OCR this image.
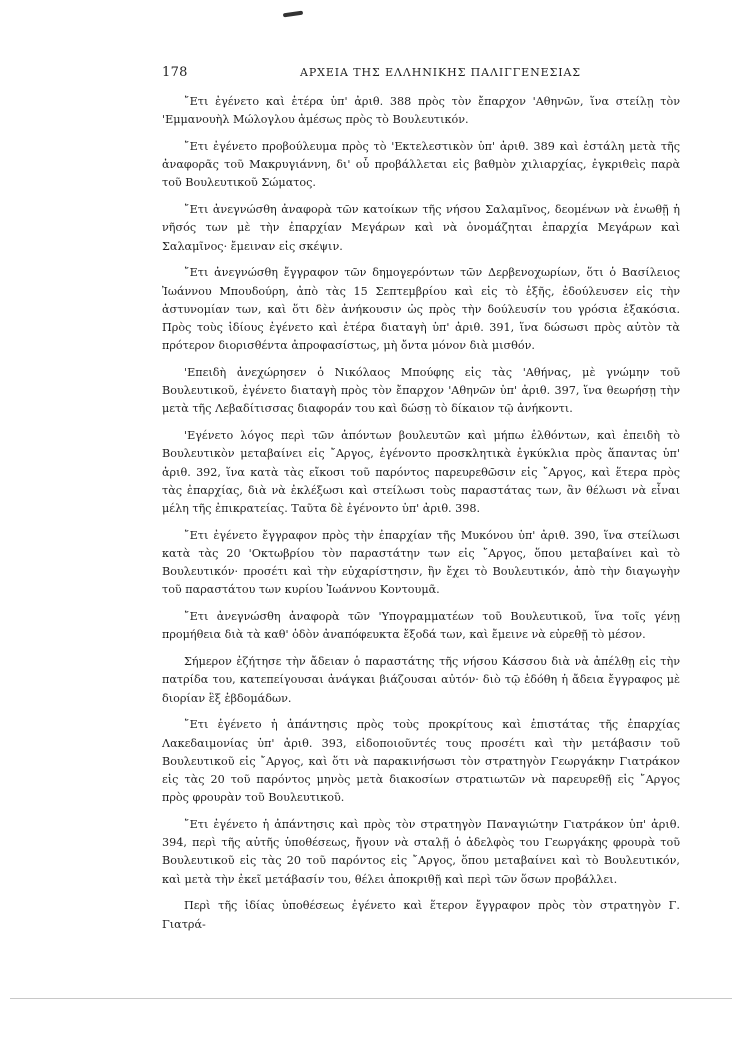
178	ΑΡΧΕΙΑ ΤΗΣ ΕΛΛΗΝΙΚΗΣ ΠΑΛΙΓΓΕΝΕΣΙΑΣ

῎Ετι ἐγένετο καὶ ἑτέρα ὑπ' ἀριθ. 388 πρὸς τὸν ἔπαρχον 'Αθηνῶν, ἵνα στείλῃ τὸν 'Εμμανουὴλ Μώλογλου ἀμέσως πρὸς τὸ Βουλευτικόν.

῎Ετι ἐγένετο προβούλευμα πρὸς τὸ 'Εκτελεστικὸν ὑπ' ἀριθ. 389 καὶ ἐστάλη μετὰ τῆς ἀναφορᾶς τοῦ Μακρυγιάννη, δι' οὗ προβάλλεται εἰς βαθμὸν χιλιαρχίας, ἐγκριθεὶς παρὰ τοῦ Βουλευτικοῦ Σώματος.

῎Ετι ἀνεγνώσθη ἀναφορὰ τῶν κατοίκων τῆς νήσου Σαλαμῖνος, δεομένων νὰ ἑνωθῇ ἡ νῆσός των μὲ τὴν ἐπαρχίαν Μεγάρων καὶ νὰ ὀνομάζηται ἐπαρχία Μεγάρων καὶ Σαλαμῖνος· ἔμειναν εἰς σκέψιν.

῎Ετι ἀνεγνώσθη ἔγγραφον τῶν δημογερόντων τῶν Δερβενοχωρίων, ὅτι ὁ Βασίλειος Ἰωάννου Μπουδούρη, ἀπὸ τὰς 15 Σεπτεμβρίου καὶ εἰς τὸ ἑξῆς, ἐδούλευσεν εἰς τὴν ἀστυνομίαν των, καὶ ὅτι δὲν ἀνήκουσιν ὡς πρὸς τὴν δούλευσίν του γρόσια ἑξακόσια. Πρὸς τοὺς ἰδίους ἐγένετο καὶ ἑτέρα διαταγὴ ὑπ' ἀριθ. 391, ἵνα δώσωσι πρὸς αὐτὸν τὰ πρότερον διορισθέντα ἀπροφασίστως, μὴ ὄντα μόνον διὰ μισθόν.

'Επειδὴ ἀνεχώρησεν ὁ Νικόλαος Μπούφης εἰς τὰς 'Αθήνας, μὲ γνώμην τοῦ Βουλευτικοῦ, ἐγένετο διαταγὴ πρὸς τὸν ἔπαρχον 'Αθηνῶν ὑπ' ἀριθ. 397, ἵνα θεωρήσῃ τὴν μετὰ τῆς Λεβαδίτισσας διαφοράν του καὶ δώσῃ τὸ δίκαιον τῷ ἀνήκοντι.

'Εγένετο λόγος περὶ τῶν ἀπόντων βουλευτῶν καὶ μήπω ἐλθόντων, καὶ ἐπειδὴ τὸ Βουλευτικὸν μεταβαίνει εἰς ῎Αργος, ἐγένοντο προσκλητικὰ ἐγκύκλια πρὸς ἅπαντας ὑπ' ἀριθ. 392, ἵνα κατὰ τὰς εἴκοσι τοῦ παρόντος παρευρεθῶσιν εἰς ῎Αργος, καὶ ἕτερα πρὸς τὰς ἐπαρχίας, διὰ νὰ ἐκλέξωσι καὶ στείλωσι τοὺς παραστάτας των, ἂν θέλωσι νὰ εἶναι μέλη τῆς ἐπικρατείας. Ταῦτα δὲ ἐγένοντο ὑπ' ἀριθ. 398.

῎Ετι ἐγένετο ἔγγραφον πρὸς τὴν ἐπαρχίαν τῆς Μυκόνου ὑπ' ἀριθ. 390, ἵνα στείλωσι κατὰ τὰς 20 'Οκτωβρίου τὸν παραστάτην των εἰς ῎Αργος, ὅπου μεταβαίνει καὶ τὸ Βουλευτικόν· προσέτι καὶ τὴν εὐχαρίστησιν, ἣν ἔχει τὸ Βουλευτικόν, ἀπὸ τὴν διαγωγὴν τοῦ παραστάτου των κυρίου Ἰωάννου Κοντουμᾶ.

῎Ετι ἀνεγνώσθη ἀναφορὰ τῶν 'Υπογραμματέων τοῦ Βουλευτικοῦ, ἵνα τοῖς γένῃ προμήθεια διὰ τὰ καθ' ὁδὸν ἀναπόφευκτα ἔξοδά των, καὶ ἔμεινε νὰ εὑρεθῇ τὸ μέσον.

Σήμερον ἐζήτησε τὴν ἄδειαν ὁ παραστάτης τῆς νήσου Κάσσου διὰ νὰ ἀπέλθῃ εἰς τὴν πατρίδα του, κατεπείγουσαι ἀνάγκαι βιάζουσαι αὐτόν· διὸ τῷ ἐδόθη ἡ ἄδεια ἔγγραφος μὲ διορίαν ἓξ ἑβδομάδων.

῎Ετι ἐγένετο ἡ ἀπάντησις πρὸς τοὺς προκρίτους καὶ ἐπιστάτας τῆς ἐπαρχίας Λακεδαιμονίας ὑπ' ἀριθ. 393, εἰδοποιοῦντές τους προσέτι καὶ τὴν μετάβασιν τοῦ Βουλευτικοῦ εἰς ῎Αργος, καὶ ὅτι νὰ παρακινήσωσι τὸν στρατηγὸν Γεωργάκην Γιατράκον εἰς τὰς 20 τοῦ παρόντος μηνὸς μετὰ διακοσίων στρατιωτῶν νὰ παρευρεθῇ εἰς ῎Αργος πρὸς φρουρὰν τοῦ Βουλευτικοῦ.

῎Ετι ἐγένετο ἡ ἀπάντησις καὶ πρὸς τὸν στρατηγὸν Παναγιώτην Γιατράκον ὑπ' ἀριθ. 394, περὶ τῆς αὐτῆς ὑποθέσεως, ἤγουν νὰ σταλῇ ὁ ἀδελφὸς του Γεωργάκης φρουρὰ τοῦ Βουλευτικοῦ εἰς τὰς 20 τοῦ παρόντος εἰς ῎Αργος, ὅπου μεταβαίνει καὶ τὸ Βουλευτικόν, καὶ μετὰ τὴν ἐκεῖ μετάβασίν του, θέλει ἀποκριθῇ καὶ περὶ τῶν ὅσων προβάλλει.

Περὶ τῆς ἰδίας ὑποθέσεως ἐγένετο καὶ ἕτερον ἔγγραφον πρὸς τὸν στρατηγὸν Γ. Γιατρά-
